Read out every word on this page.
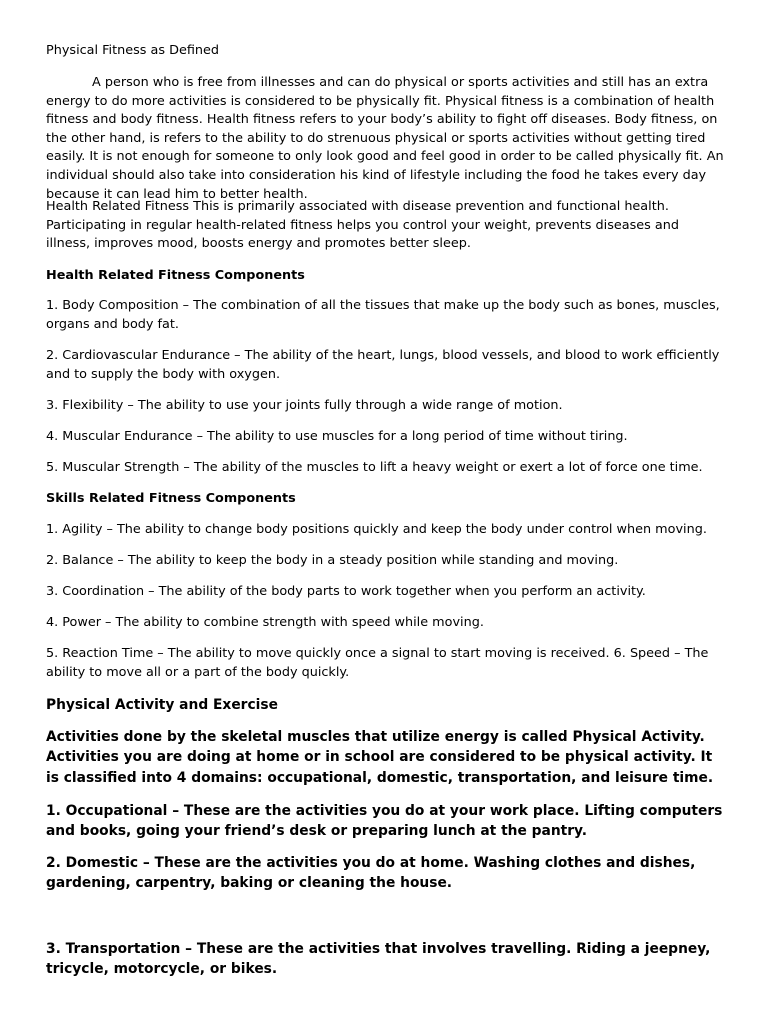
Physical Fitness as Defined

A person who is free from illnesses and can do physical or sports activities and still has an extra energy to do more activities is considered to be physically fit. Physical fitness is a combination of health fitness and body fitness. Health fitness refers to your body’s ability to fight off diseases. Body fitness, on the other hand, is refers to the ability to do strenuous physical or sports activities without getting tired easily. It is not enough for someone to only look good and feel good in order to be called physically fit. An individual should also take into consideration his kind of lifestyle including the food he takes every day because it can lead him to better health.

Health Related Fitness This is primarily associated with disease prevention and functional health. Participating in regular health-related fitness helps you control your weight, prevents diseases and illness, improves mood, boosts energy and promotes better sleep.

Health Related Fitness Components

1. Body Composition – The combination of all the tissues that make up the body such as bones, muscles, organs and body fat.

2. Cardiovascular Endurance – The ability of the heart, lungs, blood vessels, and blood to work efficiently and to supply the body with oxygen.

3. Flexibility – The ability to use your joints fully through a wide range of motion.

4. Muscular Endurance – The ability to use muscles for a long period of time without tiring.

5. Muscular Strength – The ability of the muscles to lift a heavy weight or exert a lot of force one time.

Skills Related Fitness Components

1. Agility – The ability to change body positions quickly and keep the body under control when moving.

2. Balance – The ability to keep the body in a steady position while standing and moving.

3. Coordination – The ability of the body parts to work together when you perform an activity.

4. Power – The ability to combine strength with speed while moving.

5. Reaction Time – The ability to move quickly once a signal to start moving is received. 6. Speed – The ability to move all or a part of the body quickly.

Physical Activity and Exercise

Activities done by the skeletal muscles that utilize energy is called Physical Activity. Activities you are doing at home or in school are considered to be physical activity. It is classified into 4 domains: occupational, domestic, transportation, and leisure time.

1. Occupational – These are the activities you do at your work place. Lifting computers and books, going your friend’s desk or preparing lunch at the pantry.

2. Domestic – These are the activities you do at home. Washing clothes and dishes, gardening, carpentry, baking or cleaning the house.

3. Transportation – These are the activities that involves travelling. Riding a jeepney, tricycle, motorcycle, or bikes.
